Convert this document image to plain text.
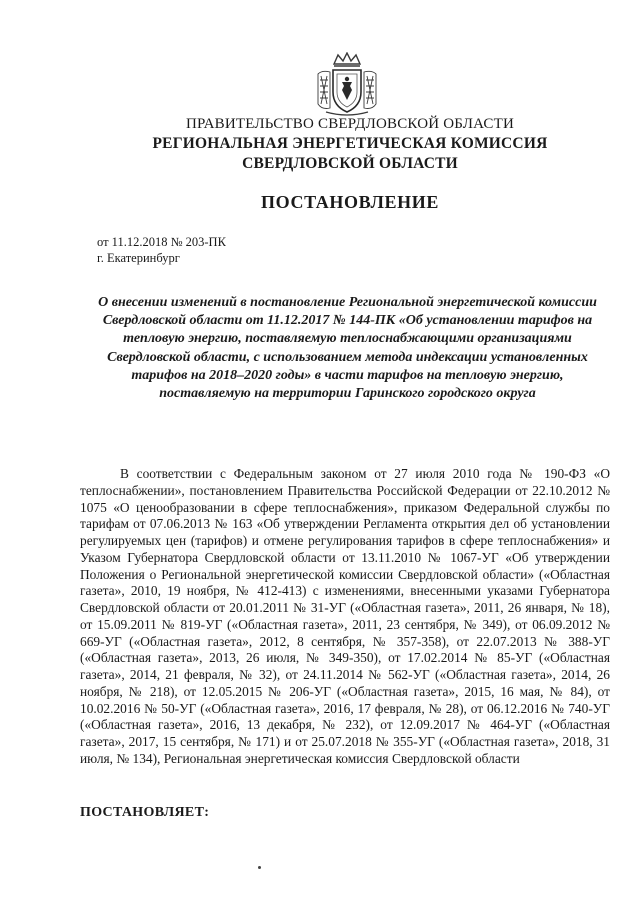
ПРАВИТЕЛЬСТВО СВЕРДЛОВСКОЙ ОБЛАСТИ
РЕГИОНАЛЬНАЯ ЭНЕРГЕТИЧЕСКАЯ КОМИССИЯ
СВЕРДЛОВСКОЙ ОБЛАСТИ
ПОСТАНОВЛЕНИЕ
от 11.12.2018 № 203-ПК
г. Екатеринбург
О внесении изменений в постановление Региональной энергетической комиссии Свердловской области от 11.12.2017 № 144-ПК «Об установлении тарифов на тепловую энергию, поставляемую теплоснабжающими организациями Свердловской области, с использованием метода индексации установленных тарифов на 2018–2020 годы» в части тарифов на тепловую энергию, поставляемую на территории Гаринского городского округа

В соответствии с Федеральным законом от 27 июля 2010 года № 190-ФЗ «О теплоснабжении», постановлением Правительства Российской Федерации от 22.10.2012 № 1075 «О ценообразовании в сфере теплоснабжения», приказом Федеральной службы по тарифам от 07.06.2013 № 163 «Об утверждении Регламента открытия дел об установлении регулируемых цен (тарифов) и отмене регулирования тарифов в сфере теплоснабжения» и Указом Губернатора Свердловской области от 13.11.2010 № 1067-УГ «Об утверждении Положения о Региональной энергетической комиссии Свердловской области» («Областная газета», 2010, 19 ноября, № 412-413) с изменениями, внесенными указами Губернатора Свердловской области от 20.01.2011 № 31-УГ («Областная газета», 2011, 26 января, № 18), от 15.09.2011 № 819-УГ («Областная газета», 2011, 23 сентября, № 349), от 06.09.2012 № 669-УГ («Областная газета», 2012, 8 сентября, № 357-358), от 22.07.2013 № 388-УГ («Областная газета», 2013, 26 июля, № 349-350), от 17.02.2014 № 85-УГ («Областная газета», 2014, 21 февраля, № 32), от 24.11.2014 № 562-УГ («Областная газета», 2014, 26 ноября, № 218), от 12.05.2015 № 206-УГ («Областная газета», 2015, 16 мая, № 84), от 10.02.2016 № 50-УГ («Областная газета», 2016, 17 февраля, № 28), от 06.12.2016 № 740-УГ («Областная газета», 2016, 13 декабря, № 232), от 12.09.2017 № 464-УГ («Областная газета», 2017, 15 сентября, № 171) и от 25.07.2018 № 355-УГ («Областная газета», 2018, 31 июля, № 134), Региональная энергетическая комиссия Свердловской области

ПОСТАНОВЛЯЕТ:
